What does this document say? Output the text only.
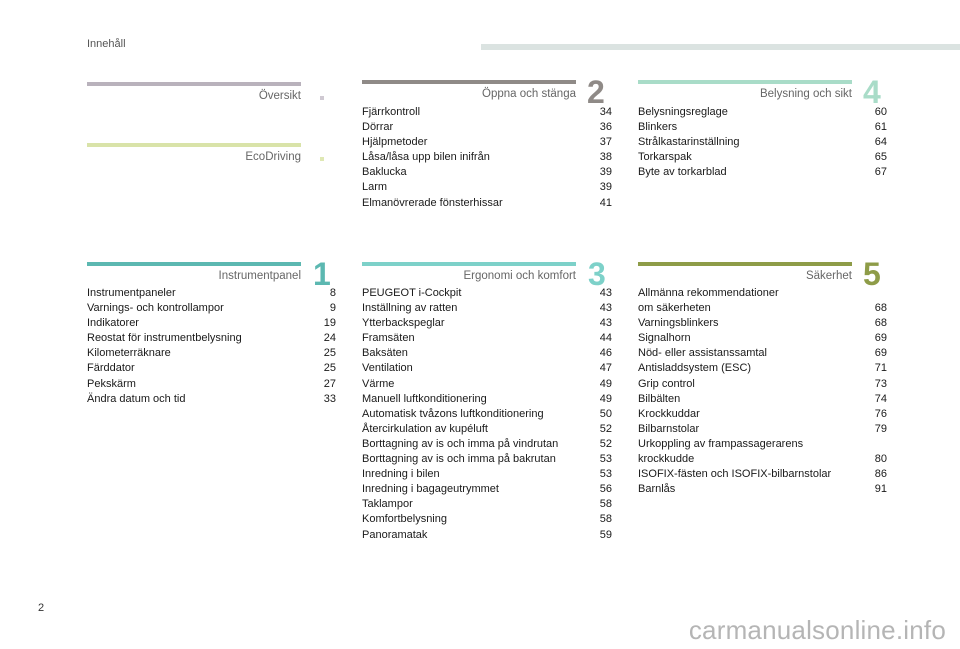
Innehåll
Översikt
EcoDriving
Öppna och stänga 2
Fjärrkontroll	34
Dörrar	36
Hjälpmetoder	37
Låsa/låsa upp bilen inifrån	38
Baklucka	39
Larm	39
Elmanövrerade fönsterhissar	41
Belysning och sikt 4
Belysningsreglage	60
Blinkers	61
Strålkastarinställning	64
Torkarspak	65
Byte av torkarblad	67
Instrumentpanel 1
Instrumentpaneler	8
Varnings- och kontrollampor	9
Indikatorer	19
Reostat för instrumentbelysning	24
Kilometerräknare	25
Färddator	25
Pekskärm	27
Ändra datum och tid	33
Ergonomi och komfort 3
PEUGEOT i-Cockpit	43
Inställning av ratten	43
Ytterbackspeglar	43
Framsäten	44
Baksäten	46
Ventilation	47
Värme	49
Manuell luftkonditionering	49
Automatisk tvåzons luftkonditionering	50
Återcirkulation av kupéluft	52
Borttagning av is och imma på vindrutan	52
Borttagning av is och imma på bakrutan	53
Inredning i bilen	53
Inredning i bagageutrymmet	56
Taklampor	58
Komfortbelysning	58
Panoramatak	59
Säkerhet 5
Allmänna rekommendationer
om säkerheten	68
Varningsblinkers	68
Signalhorn	69
Nöd- eller assistanssamtal	69
Antisladdsystem (ESC)	71
Grip control	73
Bilbälten	74
Krockkuddar	76
Bilbarnstolar	79
Urkoppling av frampassagerarens
krockkudde	80
ISOFIX-fästen och ISOFIX-bilbarnstolar	86
Barnlås	91
2
carmanualsonline.info
